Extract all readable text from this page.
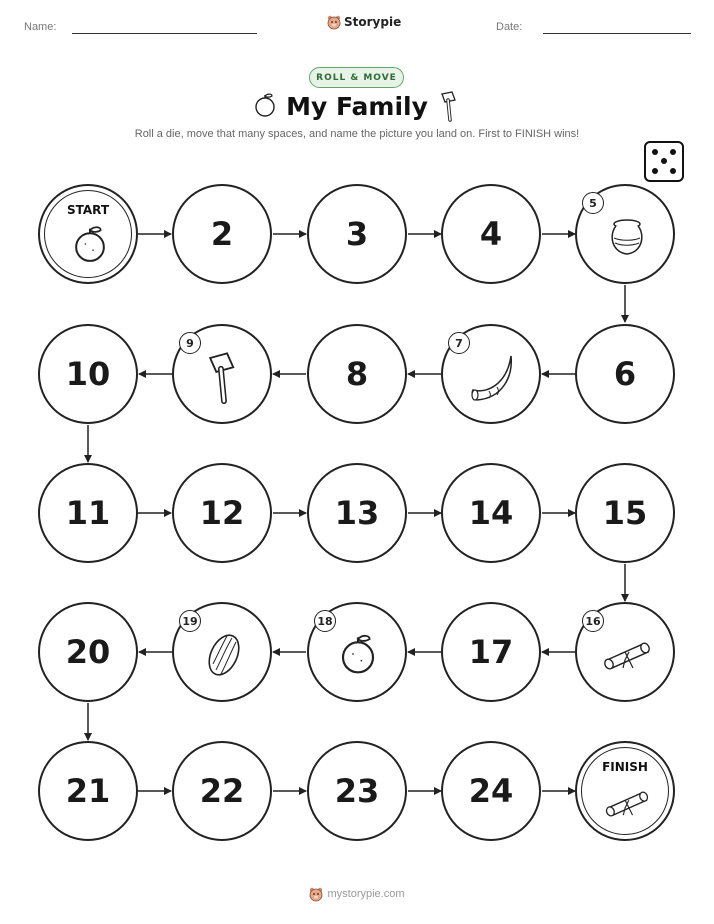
Name:	Storypie	Date:
ROLL & MOVE
My Family
Roll a die, move that many spaces, and name the picture you land on. First to FINISH wins!
START
2	3	4
5
10
9
8
7
6
11	12	13	14	15
20
19	18
17
16
21	22	23	24
FINISH
mystorypie.com
